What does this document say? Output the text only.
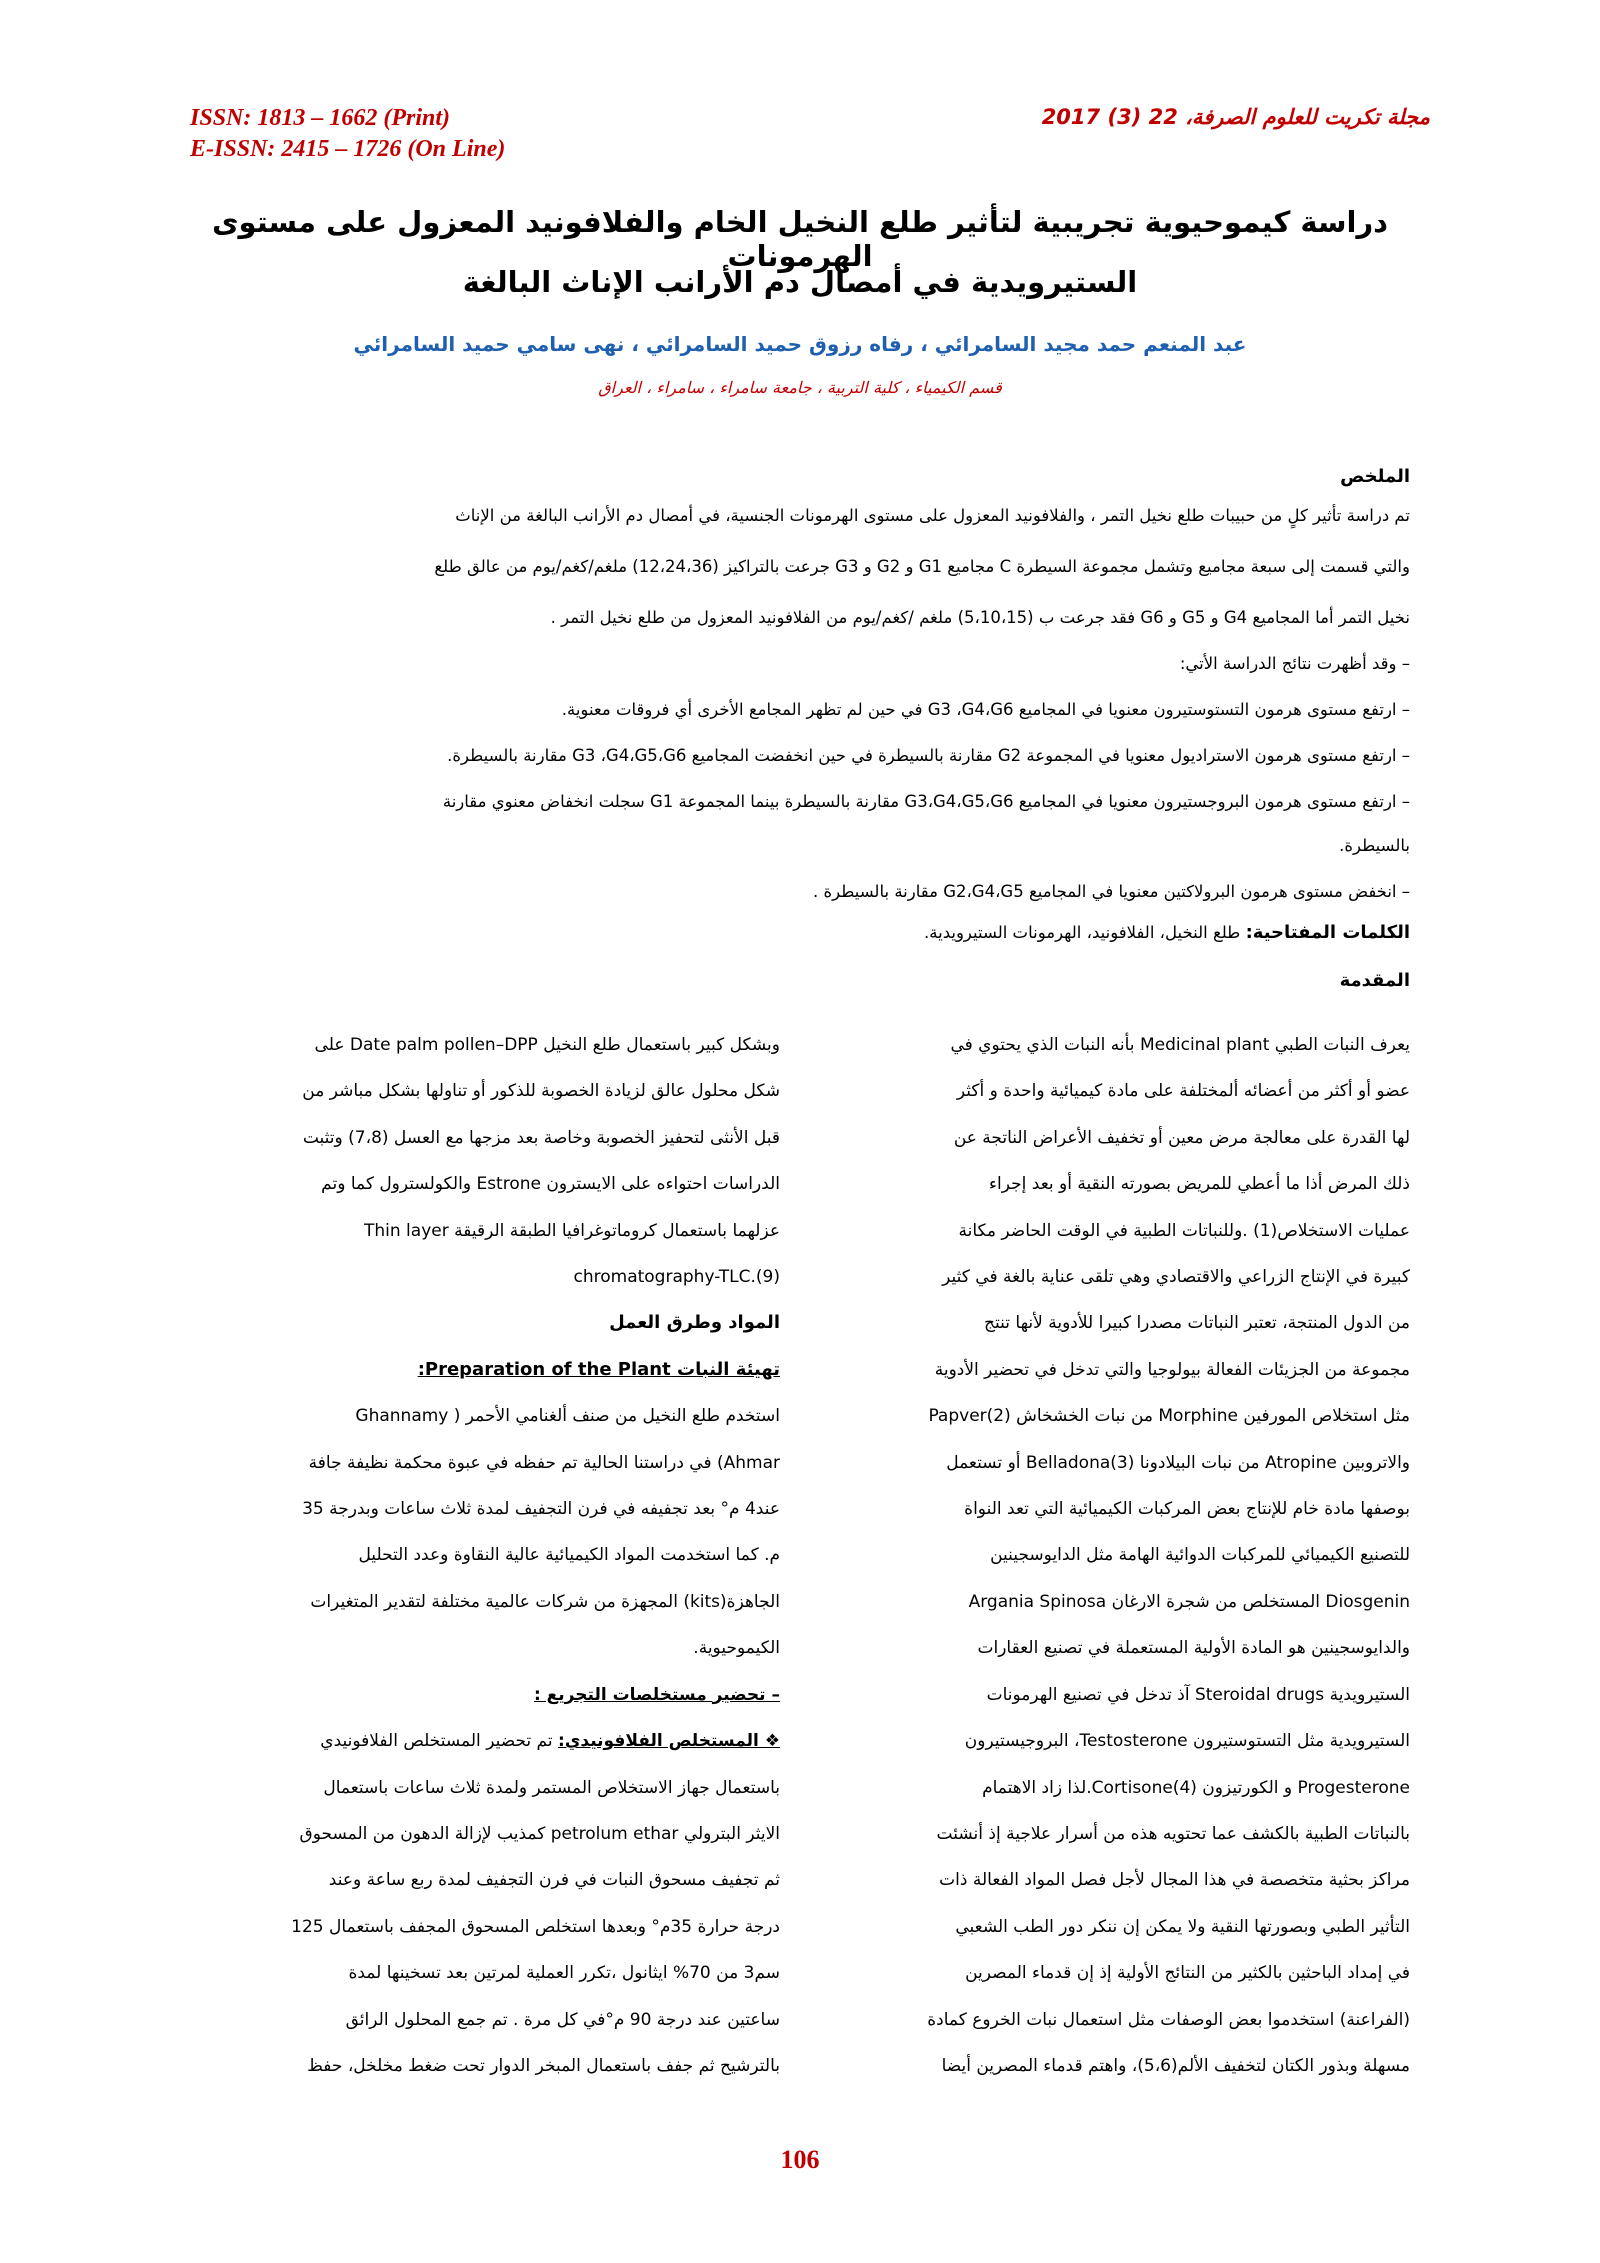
ISSN: 1813 – 1662 (Print)
E-ISSN: 2415 – 1726 (On Line)
مجلة تكريت للعلوم الصرفة، 22 (3) 2017
دراسة كيموحيوية تجريبية لتأثير طلع النخيل الخام والفلافونيد المعزول على مستوى الهرمونات
الستيرويدية في أمصال دم الأرانب الإناث البالغة
عبد المنعم حمد مجيد السامرائي ، رفاه رزوق حميد السامرائي ، نهى سامي حميد السامرائي
قسم الكيمياء ، كلية التربية ، جامعة سامراء ، سامراء ، العراق
الملخص
تم دراسة تأثير كلٍ من حبيبات طلع نخيل التمر ، والفلافونيد المعزول على مستوى الهرمونات الجنسية، في أمصال دم الأرانب البالغة من الإناث
والتي قسمت إلى سبعة مجاميع وتشمل مجموعة السيطرة C مجاميع G1 و G2 و G3 جرعت بالتراكيز (12،24،36) ملغم/كغم/يوم من عالق طلع
نخيل التمر أما المجاميع G4 و G5 و G6 فقد جرعت ب (5،10،15) ملغم /كغم/يوم من الفلافونيد المعزول من طلع نخيل التمر .
– وقد أظهرت نتائج الدراسة الأتي:
– ارتفع مستوى هرمون التستوستيرون معنويا في المجاميع G3 ،G4،G6 في حين لم تظهر المجامع الأخرى أي فروقات معنوية.
– ارتفع مستوى هرمون الاستراديول معنويا في المجموعة G2 مقارنة بالسيطرة في حين انخفضت المجاميع G3 ،G4،G5،G6 مقارنة بالسيطرة.
– ارتفع مستوى هرمون البروجستيرون معنويا في المجاميع G3،G4،G5،G6 مقارنة بالسيطرة بينما المجموعة G1 سجلت انخفاض معنوي مقارنة
بالسيطرة.
– انخفض مستوى هرمون البرولاكتين معنويا في المجاميع G2،G4،G5 مقارنة بالسيطرة .
الكلمات المفتاحية: طلع النخيل، الفلافونيد، الهرمونات الستيرويدية.
المقدمة

يعرف النبات الطبي Medicinal plant بأنه النبات الذي يحتوي في

عضو أو أكثر من أعضائه ألمختلفة على مادة كيميائية واحدة و أكثر

لها القدرة على معالجة مرض معين أو تخفيف الأعراض الناتجة عن

ذلك المرض أذا ما أعطي للمريض بصورته النقية أو بعد إجراء

عمليات الاستخلاص(1) .وللنباتات الطبية في الوقت الحاضر مكانة

كبيرة في الإنتاج الزراعي والاقتصادي وهي تلقى عناية بالغة في كثير

من الدول المنتجة، تعتبر النباتات مصدرا كبيرا للأدوية لأنها تنتج

مجموعة من الجزيئات الفعالة بيولوجيا والتي تدخل في تحضير الأدوية

مثل استخلاص المورفين Morphine من نبات الخشخاش Papver(2)

والاتروبين Atropine من نبات البيلادونا Belladona(3) أو تستعمل

بوصفها مادة خام للإنتاج بعض المركبات الكيميائية التي تعد النواة

للتصنيع الكيميائي للمركبات الدوائية الهامة مثل الدايوسجينين

Diosgenin المستخلص من شجرة الارغان Argania Spinosa

والدايوسجينين هو المادة الأولية المستعملة في تصنيع العقارات

الستيرويدية Steroidal drugs آذ تدخل في تصنيع الهرمونات

الستيرويدية مثل التستوستيرون Testosterone، البروجيستيرون

Progesterone و الكورتيزون Cortisone(4).لذا زاد الاهتمام

بالنباتات الطبية بالكشف عما تحتويه هذه من أسرار علاجية إذ أنشئت

مراكز بحثية متخصصة في هذا المجال لأجل فصل المواد الفعالة ذات

التأثير الطبي وبصورتها النقية ولا يمكن إن ننكر دور الطب الشعبي

في إمداد الباحثين بالكثير من النتائج الأولية إذ إن قدماء المصرين

(الفراعنة) استخدموا بعض الوصفات مثل استعمال نبات الخروع كمادة

مسهلة وبذور الكتان لتخفيف الألم(5،6)، واهتم قدماء المصرين أيضا

وبشكل كبير باستعمال طلع النخيل Date palm pollen–DPP على

شكل محلول عالق لزيادة الخصوبة للذكور أو تناولها بشكل مباشر من

قبل الأنثى لتحفيز الخصوبة وخاصة بعد مزجها مع العسل (7،8) وتثبت

الدراسات احتواءه على الايسترون Estrone والكولسترول كما وتم

عزلهما باستعمال كروماتوغرافيا الطبقة الرقيقة Thin layer

chromatography-TLC.(9)

المواد وطرق العمل

تهيئة النبات Preparation of the Plant:

استخدم طلع النخيل من صنف ألغنامي الأحمر ( Ghannamy

Ahmar) في دراستنا الحالية تم حفظه في عبوة محكمة نظيفة جافة

عند4 م° بعد تجفيفه في فرن التجفيف لمدة ثلاث ساعات وبدرجة 35

م. كما استخدمت المواد الكيميائية عالية النقاوة وعدد التحليل

الجاهزة(kits) المجهزة من شركات عالمية مختلفة لتقدير المتغيرات

الكيموحيوية.

– تحضير مستخلصات التجريع :

❖ المستخلص الفلافونيدي: تم تحضير المستخلص الفلافونيدي

باستعمال جهاز الاستخلاص المستمر ولمدة ثلاث ساعات باستعمال

الايثر البترولي petrolum ethar كمذيب لإزالة الدهون من المسحوق

ثم تجفيف مسحوق النبات في فرن التجفيف لمدة ربع ساعة وعند

درجة حرارة 35م° وبعدها استخلص المسحوق المجفف باستعمال 125

سم3 من 70% ايثانول ،تكرر العملية لمرتين بعد تسخينها لمدة

ساعتين عند درجة 90 م°في كل مرة . تم جمع المحلول الرائق

بالترشيح ثم جفف باستعمال المبخر الدوار تحت ضغط مخلخل، حفظ

106
